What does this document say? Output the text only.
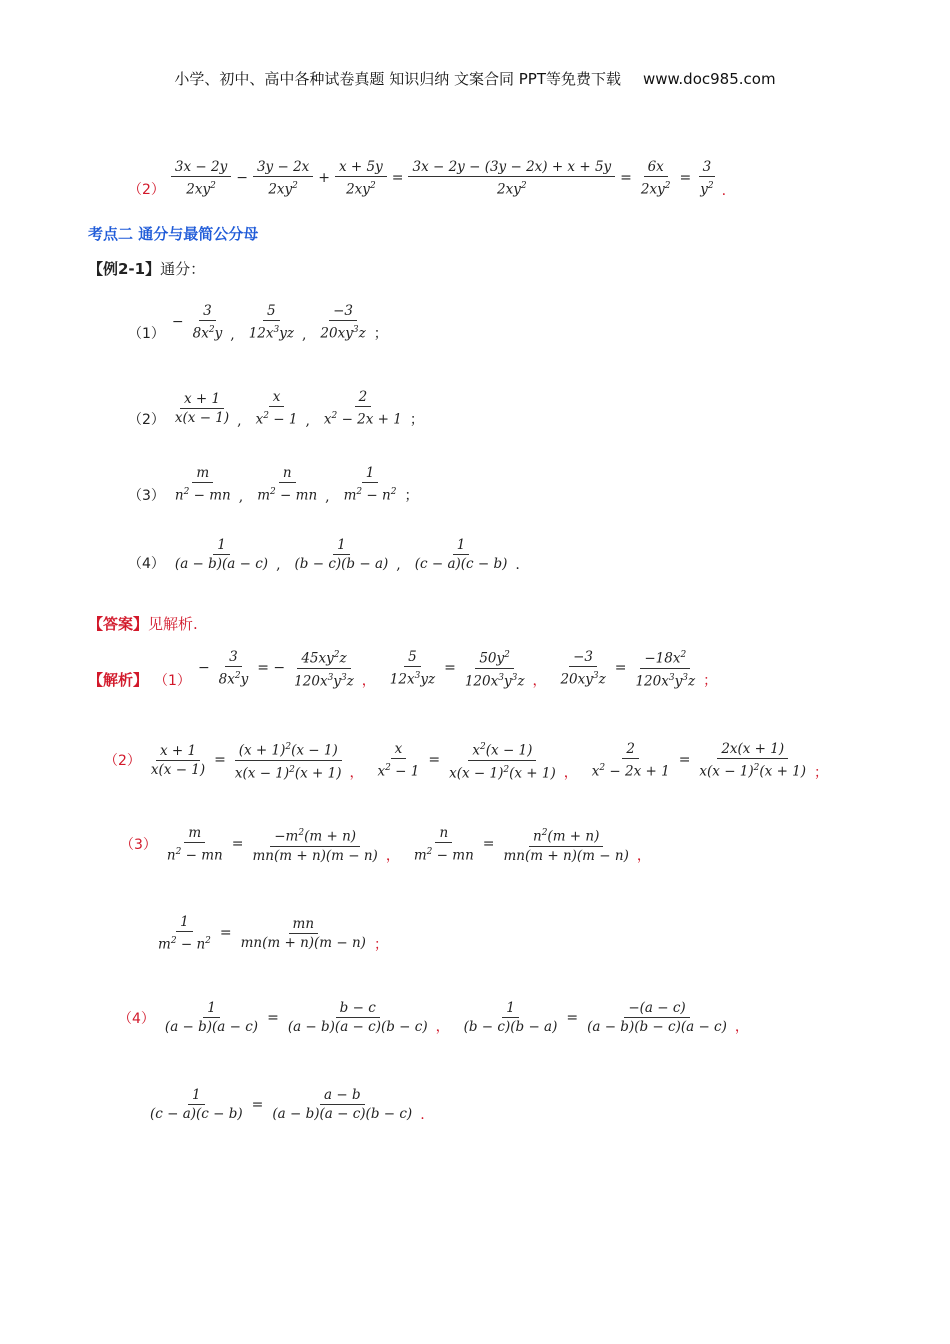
小学、初中、高中各种试卷真题 知识归纳 文案合同 PPT等免费下载 www.doc985.com
$(2) \frac{3x - 2y}{2xy^2} - \frac{3y - 2x}{2xy^2} + \frac{x + 5y}{2xy^2} = \frac{3x - 2y - (3y - 2x) + x + 5y}{2xy^2} = \frac{6x}{2xy^2} = \frac{3}{y^2}$ .
考点二 通分与最简公分母
【例2-1】通分：
（1）
− $\frac{3}{8x^2y}$ , $\frac{5}{12x^3yz}$ , $\frac{-3}{20xy^3z}$ ；
$(2) \frac{x + 1}{x(x - 1)}$ , $\frac{x}{x^2 - 1}$ , $\frac{2}{x^2 - 2x + 1}$ ；
$(3) \frac{m}{n^2 - mn}$ , $\frac{n}{m^2 - mn}$ , $\frac{1}{m^2 - n^2}$ ；
$(4) \frac{1}{(a - b)(a - c)}$ , $\frac{1}{(b - c)(b - a)}$ , $\frac{1}{(c - a)(c - b)}$ .
【答案】见解析.
【解析】 （1）
− $\frac{3}{8x^2y}$ = − $\frac{45xy^2z}{120x^3y^3z}$ ， $\frac{5}{12x^3yz} = \frac{50y^2}{120x^3y^3z}$ ， $\frac{-3}{20xy^3z} = \frac{-18x^2}{120x^3y^3z}$ ；
$(2) \frac{x + 1}{x(x - 1)} = \frac{(x + 1)^2(x - 1)}{x(x - 1)^2(x + 1)}$ ， $\frac{x}{x^2 - 1} = \frac{x^2(x - 1)}{x(x - 1)^2(x + 1)}$ ， $\frac{2}{x^2 - 2x + 1} = \frac{2x(x + 1)}{x(x - 1)^2(x + 1)}$ ；
$(3) \frac{m}{n^2 - mn} = \frac{-m^2(m + n)}{mn(m + n)(m - n)}$ ， $\frac{n}{m^2 - mn} = \frac{n^2(m + n)}{mn(m + n)(m - n)}$ ，
$\frac{1}{m^2 - n^2} = \frac{mn}{mn(m + n)(m - n)}$ ；
$(4) \frac{1}{(a - b)(a - c)} = \frac{b - c}{(a - b)(a - c)(b - c)}$ ， $\frac{1}{(b - c)(b - a)} = \frac{-(a - c)}{(a - b)(b - c)(a - c)}$ ，
$\frac{1}{(c - a)(c - b)} = \frac{a - b}{(a - b)(a - c)(b - c)}$ .
